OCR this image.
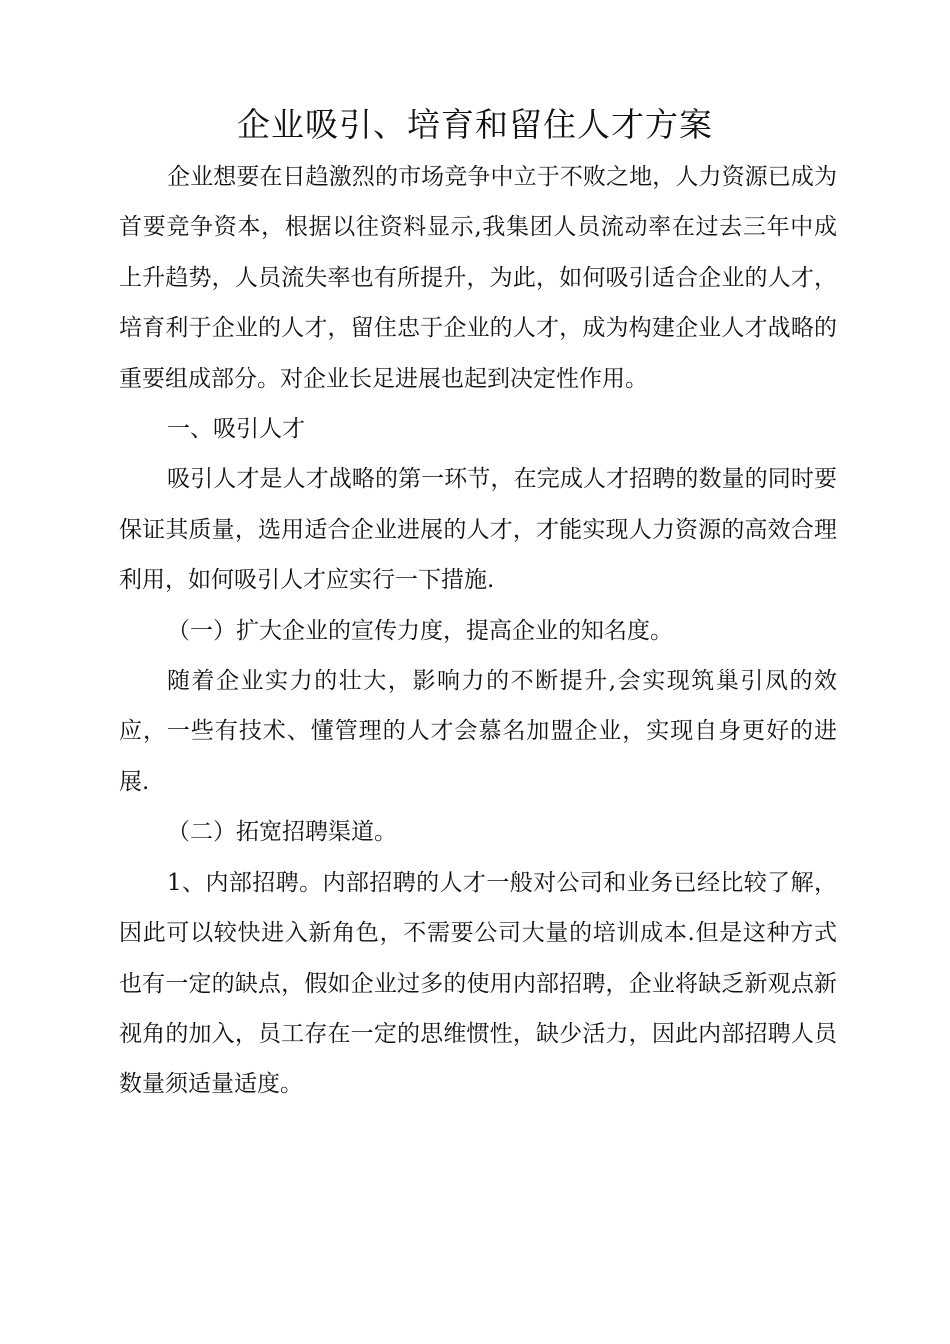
企业吸引、培育和留住人才方案

企业想要在日趋激烈的市场竞争中立于不败之地，人力资源已成为首要竞争资本，根据以往资料显示,我集团人员流动率在过去三年中成上升趋势，人员流失率也有所提升，为此，如何吸引适合企业的人才，培育利于企业的人才，留住忠于企业的人才，成为构建企业人才战略的重要组成部分。对企业长足进展也起到决定性作用。

一、吸引人才

吸引人才是人才战略的第一环节，在完成人才招聘的数量的同时要保证其质量，选用适合企业进展的人才，才能实现人力资源的高效合理利用，如何吸引人才应实行一下措施.

（一）扩大企业的宣传力度，提高企业的知名度。

随着企业实力的壮大，影响力的不断提升,会实现筑巢引凤的效应，一些有技术、懂管理的人才会慕名加盟企业，实现自身更好的进展.

（二）拓宽招聘渠道。

1、内部招聘。内部招聘的人才一般对公司和业务已经比较了解，因此可以较快进入新角色，不需要公司大量的培训成本.但是这种方式也有一定的缺点，假如企业过多的使用内部招聘，企业将缺乏新观点新视角的加入，员工存在一定的思维惯性，缺少活力，因此内部招聘人员数量须适量适度。
